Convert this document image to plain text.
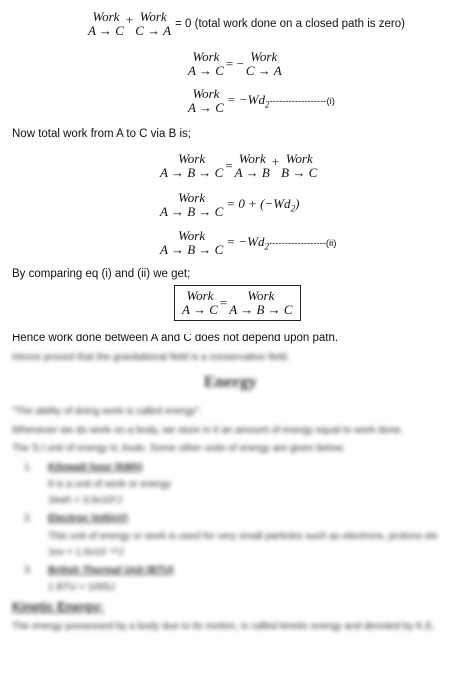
Work
A → C
+ Work
C → A = 0 (total work done on a closed path is zero)
Work
A → C = − Work
C → A
Work
A → C
= $-Wd_2$ ------------------(i)
Now total work from A to C via B is;
Work
A → B → C = Work
A → B
+ Work
B → C
Work
A → B → C
= $0 + (-Wd_2)$
Work
A → B → C
= $-Wd_2$ ------------------(ii)
By comparing eq (i) and (ii) we get;
Work
A → C =	Work
A → B → C
Hence work done between A and C does not depend upon path.
Hence proved that the gravitational field is a conservative field.
Energy
"The ability of doing work is called energy".
Whenever we do work on a body, we store in it an amount of energy equal to work done.
The S.I unit of energy is Joule. Some other units of energy are given below.
1. Kilowatt hour (kWh)
It is a unit of work or energy
1kwh = 3.6x10⁶J
2. Electron Volt(eV)
This unit of energy or work is used for very small particles such as electrons, protons etc
1ev = 1.6x10⁻¹⁹J
3. British Thermal Unit (BTU)
1 BTU = 1055J
Kinetic Energy:
The energy possessed by a body due to its motion, is called kinetic energy and denoted by K.E.
